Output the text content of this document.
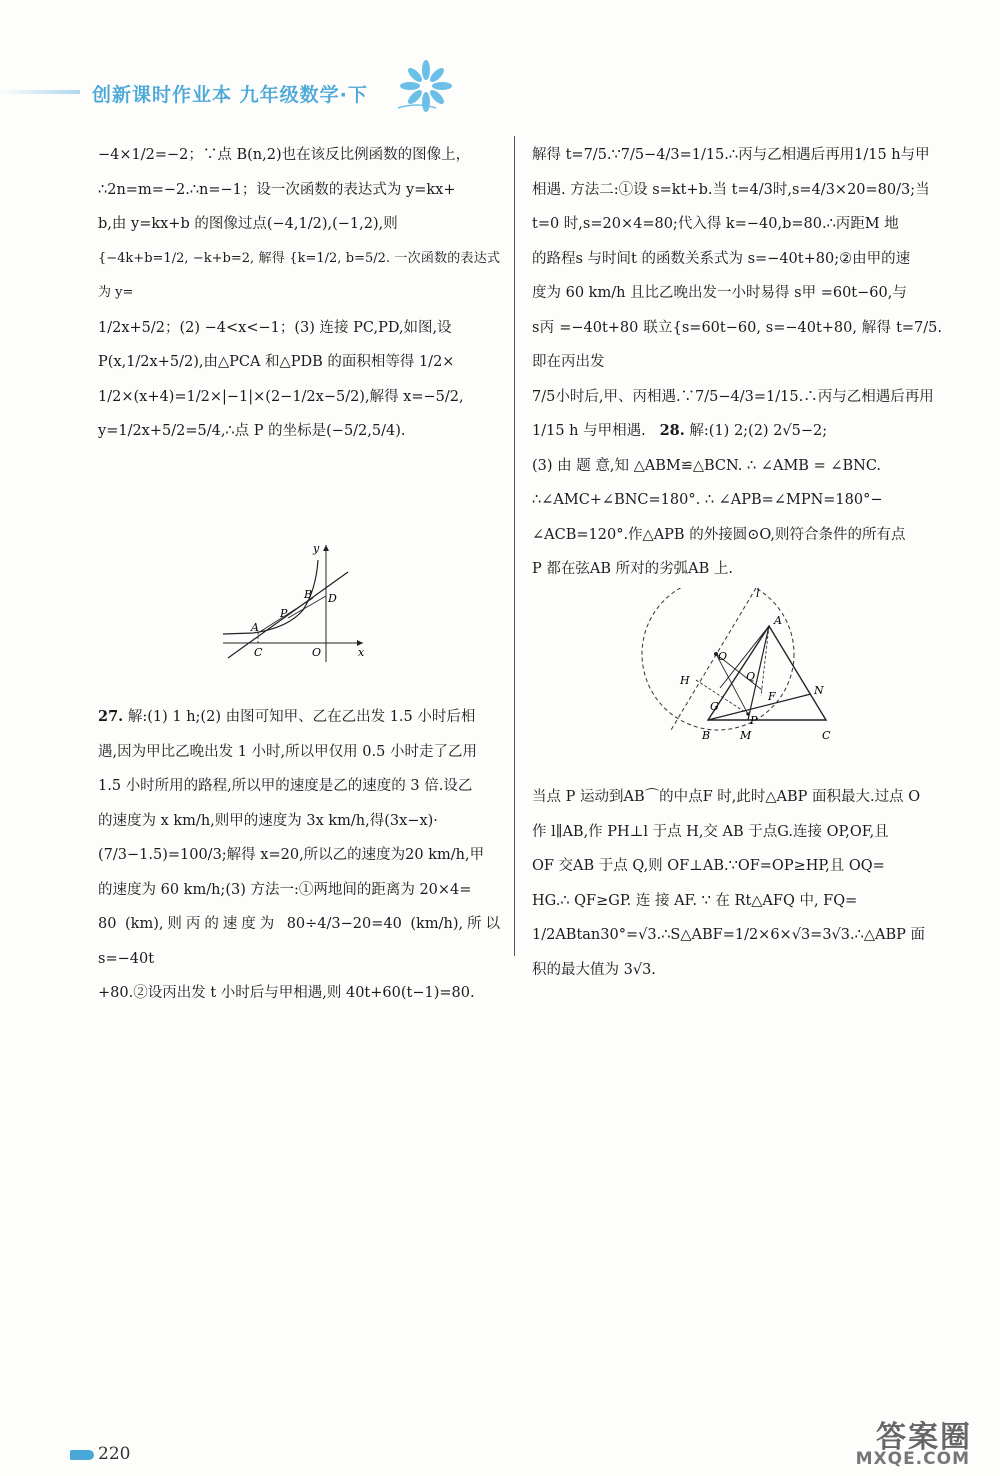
创新课时作业本 九年级数学·下

−4×1/2=−2；∵点 B(n,2)也在该反比例函数的图像上，

∴2n=m=−2.∴n=−1；设一次函数的表达式为 y=kx+

b,由 y=kx+b 的图像过点(−4,1/2),(−1,2),则

{−4k+b=1/2, −k+b=2, 解得 {k=1/2, b=5/2. 一次函数的表达式为 y=

1/2x+5/2；(2) −4<x<−1；(3) 连接 PC,PD,如图,设

P(x,1/2x+5/2),由△PCA 和△PDB 的面积相等得 1/2×

1/2×(x+4)=1/2×|−1|×(2−1/2x−5/2),解得 x=−5/2,

y=1/2x+5/2=5/4,∴点 P 的坐标是(−5/2,5/4).

y
x
O
A
B
C
D
P

27. 解:(1) 1 h;(2) 由图可知甲、乙在乙出发 1.5 小时后相

遇,因为甲比乙晚出发 1 小时,所以甲仅用 0.5 小时走了乙用

1.5 小时所用的路程,所以甲的速度是乙的速度的 3 倍.设乙

的速度为 x km/h,则甲的速度为 3x km/h,得(3x−x)·

(7/3−1.5)=100/3;解得 x=20,所以乙的速度为20 km/h,甲

的速度为 60 km/h;(3) 方法一:①两地间的距离为 20×4=

80 (km),则丙的速度为 80÷4/3−20=40 (km/h),所以s=−40t

+80.②设丙出发 t 小时后与甲相遇,则 40t+60(t−1)=80.

解得 t=7/5.∵7/5−4/3=1/15.∴丙与乙相遇后再用1/15 h与甲

相遇. 方法二:①设 s=kt+b.当 t=4/3时,s=4/3×20=80/3;当

t=0 时,s=20×4=80;代入得 k=−40,b=80.∴丙距M 地

的路程s 与时间t 的函数关系式为 s=−40t+80;②由甲的速

度为 60 km/h 且比乙晚出发一小时易得 s甲 =60t−60,与

s丙 =−40t+80 联立{s=60t−60, s=−40t+80, 解得 t=7/5.即在丙出发

7/5小时后,甲、丙相遇.∵7/5−4/3=1/15.∴丙与乙相遇后再用

1/15 h 与甲相遇. 28. 解:(1) 2;(2) 2√5−2;

(3) 由 题 意,知 △ABM≌△BCN. ∴ ∠AMB = ∠BNC.

∴∠AMC+∠BNC=180°. ∴ ∠APB=∠MPN=180°−

∠ACB=120°.作△APB 的外接圆⊙O,则符合条件的所有点

P 都在弦AB 所对的劣弧AB 上.

l
A
O
H	Q
F	N
G
P
B	M	C

当点 P 运动到AB⌒的中点F 时,此时△ABP 面积最大.过点 O

作 l∥AB,作 PH⊥l 于点 H,交 AB 于点G.连接 OP,OF,且

OF 交AB 于点 Q,则 OF⊥AB.∵OF=OP≥HP,且 OQ=

HG.∴ QF≥GP. 连 接 AF. ∵ 在 Rt△AFQ 中, FQ=

1/2ABtan30°=√3.∴S△ABF=1/2×6×√3=3√3.∴△ABP 面

积的最大值为 3√3.

220	答案圈
MXQE.COM
